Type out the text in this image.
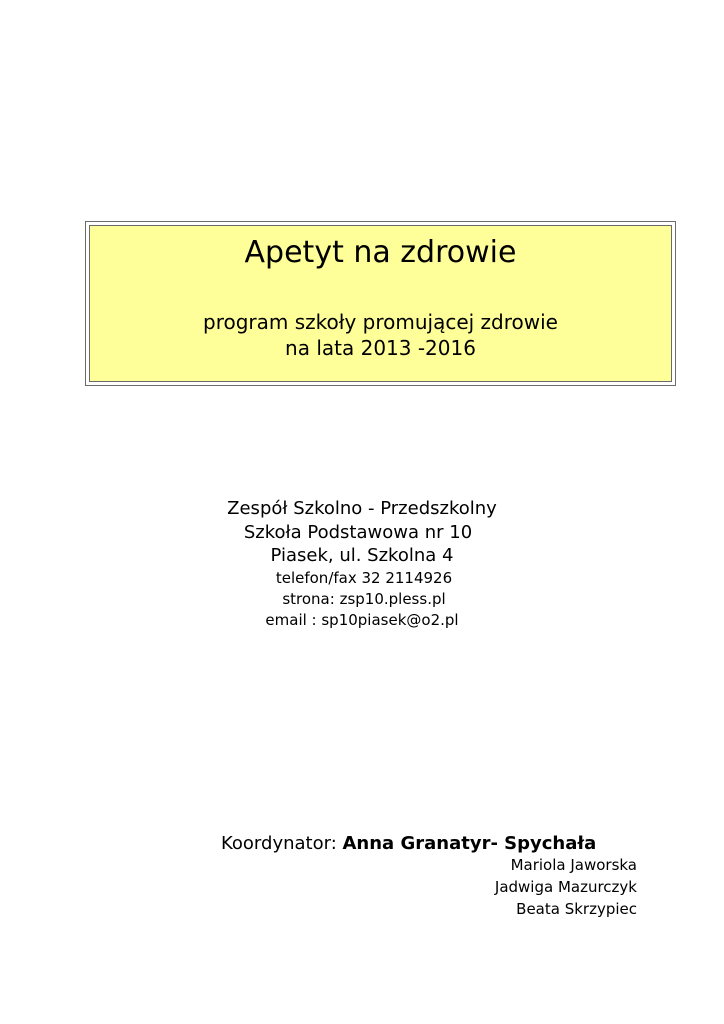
Apetyt na zdrowie
program szkoły promującej zdrowie
na lata 2013 -2016
Zespół Szkolno - Przedszkolny
Szkoła Podstawowa nr 10
Piasek, ul. Szkolna 4
telefon/fax 32 2114926
strona: zsp10.pless.pl
email : sp10piasek@o2.pl
Koordynator: Anna Granatyr- Spychała
Mariola Jaworska
Jadwiga Mazurczyk
Beata Skrzypiec
